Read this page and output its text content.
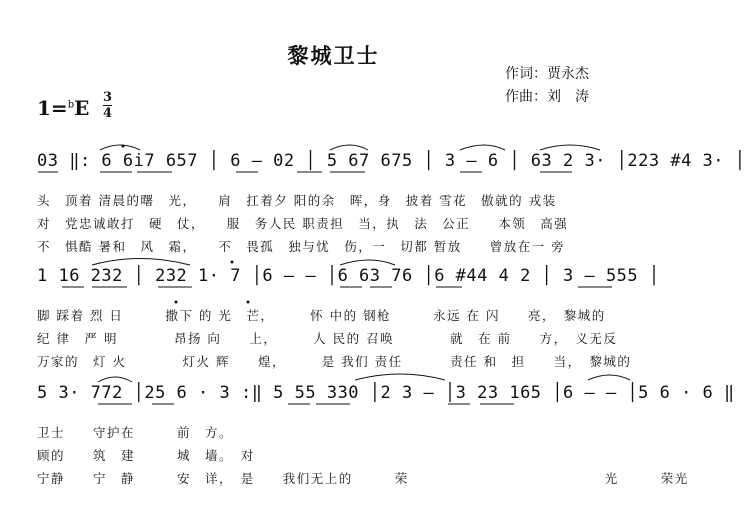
黎城卫士
作词：贾永杰
作曲：刘　涛
$1=^bE \frac{3}{4}$
03 ‖: 6 6i7 657 │ 6 – 02 │ 5 67 675 │ 3 – 6 │ 63 2 3· │223 #4 3· │
头　顶着 清晨的曙　光，　　肩　扛着夕 阳的余　晖，身　披着 雪花　傲就的 戎装
对　党忠诚敢打　硬　仗，　　服　务人民 职责担　当，执　法　公正　　本领　高强
不　惧酷 暑和　风　霜，　　不　畏孤　独与忧　伤，一　切都 暂放　　曾放在一 旁
1 16 232 │ 232 1· 7 │6 – – │6 63 76 │6 #44 4 2 │ 3 – 555 │
脚 踩着 烈 日　　　撒下 的 光　芒，　　　怀 中的 钢枪　　　永远 在 闪　　亮，　黎城的
纪 律　严 明　　　　昂扬 向　　上，　　　人 民的 召唤　　　　就　在 前　　方，　义无反
万家的　灯 火　　　　灯火 辉　　煌，　　　是 我们 责任　　　 责任 和　担　　当，　黎城的
5 3· 772 │25 6 · 3 :‖ 5 55 330 │2 3 – │3 23 165 │6 – – │5 6 · 6 ‖
卫士　　守护在　　　前　方。
顾的　　筑　建　　　城　墙。　对
宁静　　宁　静　　　安　详，　是　　我们无上的　　　荣　　　　　　　　　　　　　　光　　　荣光
